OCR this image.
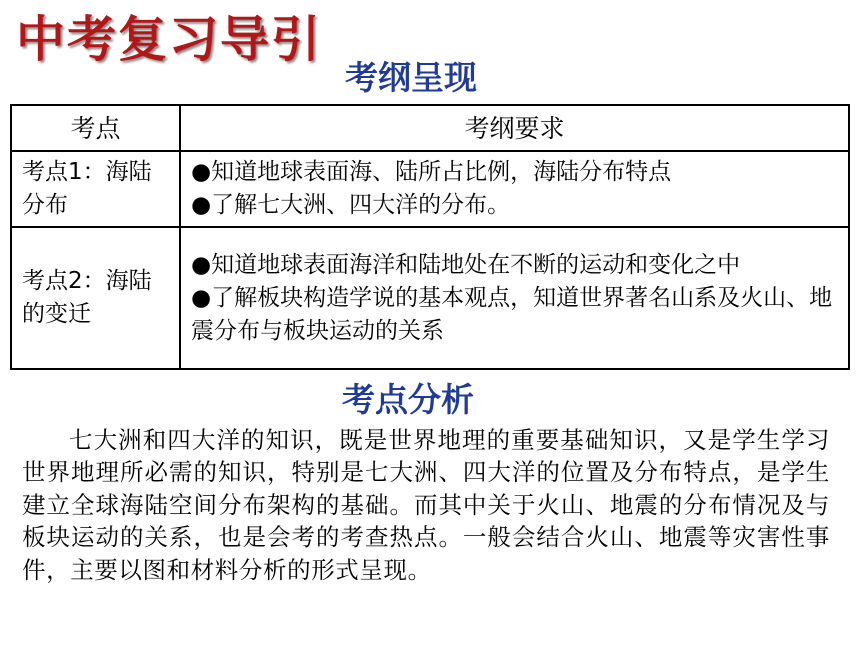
中考复习导引
考纲呈现
考点	考纲要求
考点1：海陆分布	●知道地球表面海、陆所占比例，海陆分布特点
●了解七大洲、四大洋的分布。

考点2：海陆的变迁	●知道地球表面海洋和陆地处在不断的运动和变化之中
●了解板块构造学说的基本观点，知道世界著名山系及火山、地震分布与板块运动的关系
考点分析
七大洲和四大洋的知识，既是世界地理的重要基础知识，又是学生学习世界地理所必需的知识，特别是七大洲、四大洋的位置及分布特点，是学生建立全球海陆空间分布架构的基础。而其中关于火山、地震的分布情况及与板块运动的关系，也是会考的考查热点。一般会结合火山、地震等灾害性事件，主要以图和材料分析的形式呈现。
